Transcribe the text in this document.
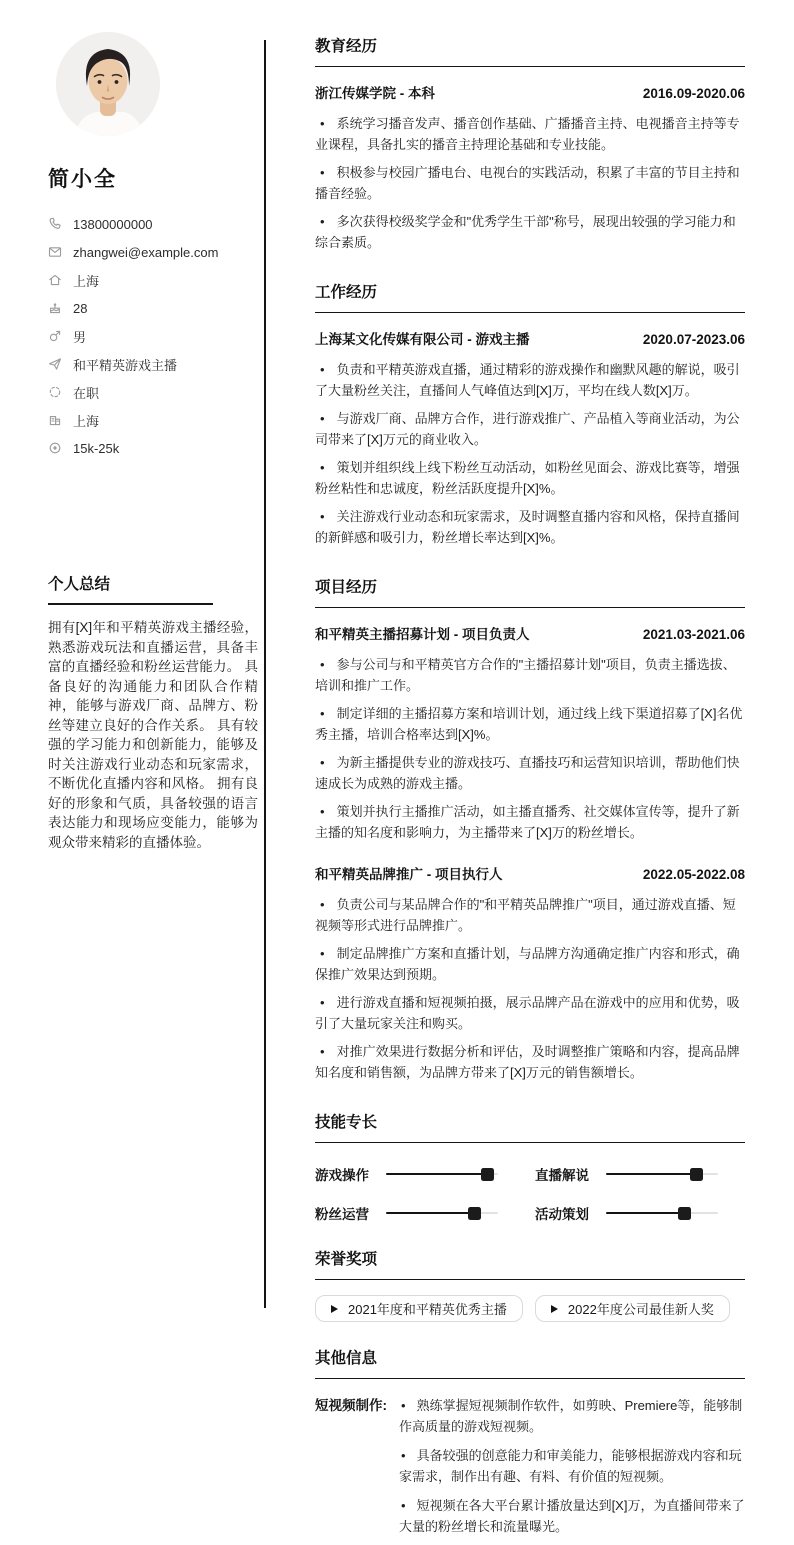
简小全
13800000000
zhangwei@example.com
上海
28
男
和平精英游戏主播
在职
上海
15k-25k
个人总结

拥有[X]年和平精英游戏主播经验，熟悉游戏玩法和直播运营，具备丰富的直播经验和粉丝运营能力。 具备良好的沟通能力和团队合作精神，能够与游戏厂商、品牌方、粉丝等建立良好的合作关系。 具有较强的学习能力和创新能力，能够及时关注游戏行业动态和玩家需求，不断优化直播内容和风格。 拥有良好的形象和气质，具备较强的语言表达能力和现场应变能力，能够为观众带来精彩的直播体验。

教育经历
浙江传媒学院 - 本科	2016.09-2020.06
• 系统学习播音发声、播音创作基础、广播播音主持、电视播音主持等专业课程，具备扎实的播音主持理论基础和专业技能。
• 积极参与校园广播电台、电视台的实践活动，积累了丰富的节目主持和播音经验。
• 多次获得校级奖学金和"优秀学生干部"称号，展现出较强的学习能力和综合素质。
工作经历
上海某文化传媒有限公司 - 游戏主播	2020.07-2023.06
• 负责和平精英游戏直播，通过精彩的游戏操作和幽默风趣的解说，吸引了大量粉丝关注，直播间人气峰值达到[X]万，平均在线人数[X]万。
• 与游戏厂商、品牌方合作，进行游戏推广、产品植入等商业活动，为公司带来了[X]万元的商业收入。
• 策划并组织线上线下粉丝互动活动，如粉丝见面会、游戏比赛等，增强粉丝粘性和忠诚度，粉丝活跃度提升[X]%。
• 关注游戏行业动态和玩家需求，及时调整直播内容和风格，保持直播间的新鲜感和吸引力，粉丝增长率达到[X]%。
项目经历
和平精英主播招募计划 - 项目负责人	2021.03-2021.06
• 参与公司与和平精英官方合作的"主播招募计划"项目，负责主播选拔、培训和推广工作。
• 制定详细的主播招募方案和培训计划，通过线上线下渠道招募了[X]名优秀主播，培训合格率达到[X]%。
• 为新主播提供专业的游戏技巧、直播技巧和运营知识培训，帮助他们快速成长为成熟的游戏主播。
• 策划并执行主播推广活动，如主播直播秀、社交媒体宣传等，提升了新主播的知名度和影响力，为主播带来了[X]万的粉丝增长。
和平精英品牌推广 - 项目执行人	2022.05-2022.08
• 负责公司与某品牌合作的"和平精英品牌推广"项目，通过游戏直播、短视频等形式进行品牌推广。
• 制定品牌推广方案和直播计划，与品牌方沟通确定推广内容和形式，确保推广效果达到预期。
• 进行游戏直播和短视频拍摄，展示品牌产品在游戏中的应用和优势，吸引了大量玩家关注和购买。
• 对推广效果进行数据分析和评估，及时调整推广策略和内容，提高品牌知名度和销售额，为品牌方带来了[X]万元的销售额增长。
技能专长
游戏操作	直播解说
粉丝运营	活动策划
荣誉奖项
2021年度和平精英优秀主播	2022年度公司最佳新人奖
其他信息
短视频制作:	• 熟练掌握短视频制作软件，如剪映、Premiere等，能够制作高质量的游戏短视频。
• 具备较强的创意能力和审美能力，能够根据游戏内容和玩家需求，制作出有趣、有料、有价值的短视频。
• 短视频在各大平台累计播放量达到[X]万，为直播间带来了大量的粉丝增长和流量曝光。
